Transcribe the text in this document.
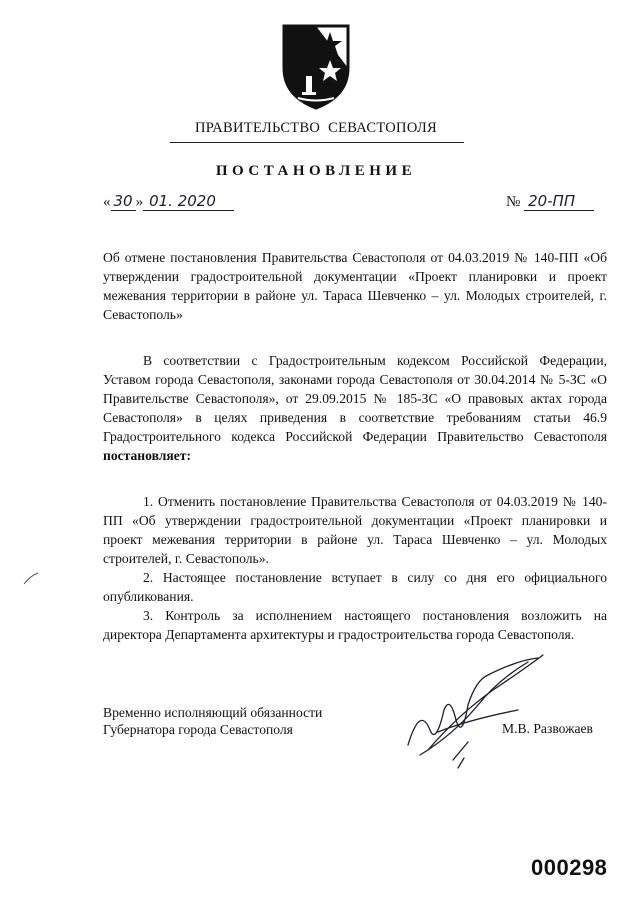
ПРАВИТЕЛЬСТВО СЕВАСТОПОЛЯ
ПОСТАНОВЛЕНИЕ
« 30 » 01. 2020	№ 20-ПП
Об отмене постановления Правительства Севастополя от 04.03.2019 № 140-ПП «Об утверждении градостроительной документации «Проект планировки и проект межевания территории в районе ул. Тараса Шевченко – ул. Молодых строителей, г. Севастополь»

В соответствии с Градостроительным кодексом Российской Федерации, Уставом города Севастополя, законами города Севастополя от 30.04.2014 № 5-ЗС «О Правительстве Севастополя», от 29.09.2015 № 185-ЗС «О правовых актах города Севастополя» в целях приведения в соответствие требованиям статьи 46.9 Градостроительного кодекса Российской Федерации Правительство Севастополя постановляет:

1. Отменить постановление Правительства Севастополя от 04.03.2019 № 140-ПП «Об утверждении градостроительной документации «Проект планировки и проект межевания территории в районе ул. Тараса Шевченко – ул. Молодых строителей, г. Севастополь».

2. Настоящее постановление вступает в силу со дня его официального опубликования.

3. Контроль за исполнением настоящего постановления возложить на директора Департамента архитектуры и градостроительства города Севастополя.

Временно исполняющий обязанности
Губернатора города Севастополя	М.В. Развожаев
000298
